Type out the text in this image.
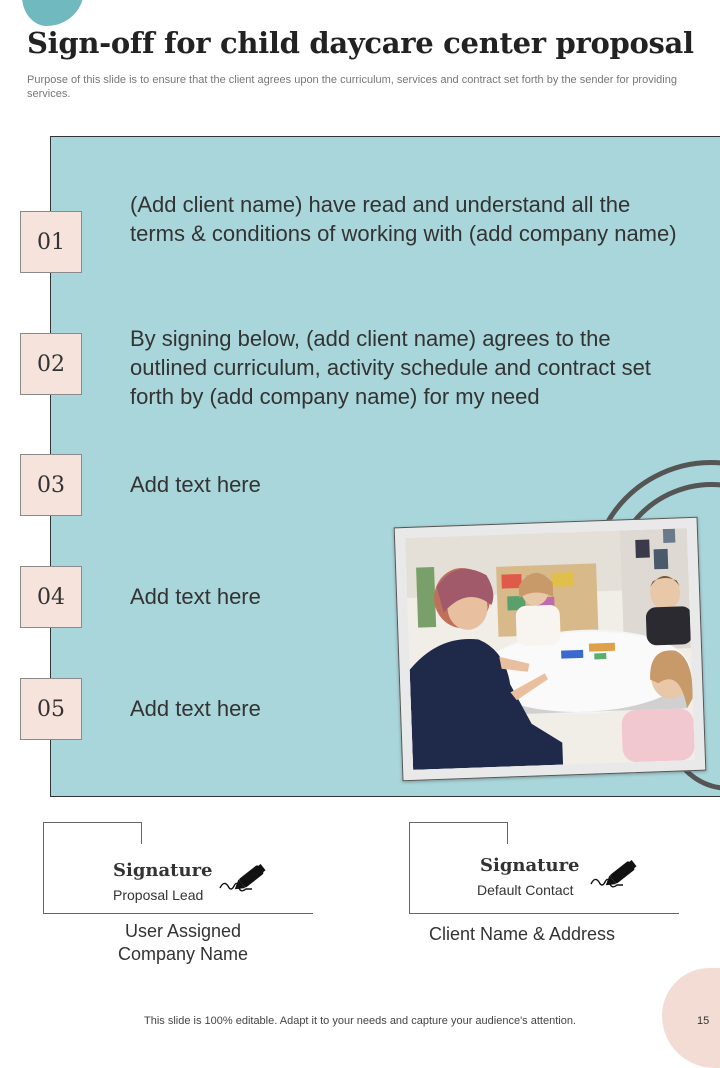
Sign-off for child daycare center proposal
Purpose of this slide is to ensure that the client agrees upon the curriculum, services and contract set forth by the sender for providing services.
01
(Add client name) have read and understand all the terms & conditions of working with (add company name)
02
By signing below, (add client name) agrees to the outlined curriculum, activity schedule and contract set forth by (add company name) for my need
03	Add text here
04	Add text here
05	Add text here
Signature
Proposal Lead
User Assigned Company Name
Signature
Default Contact
Client Name & Address
This slide is 100% editable. Adapt it to your needs and capture your audience's attention.	15
